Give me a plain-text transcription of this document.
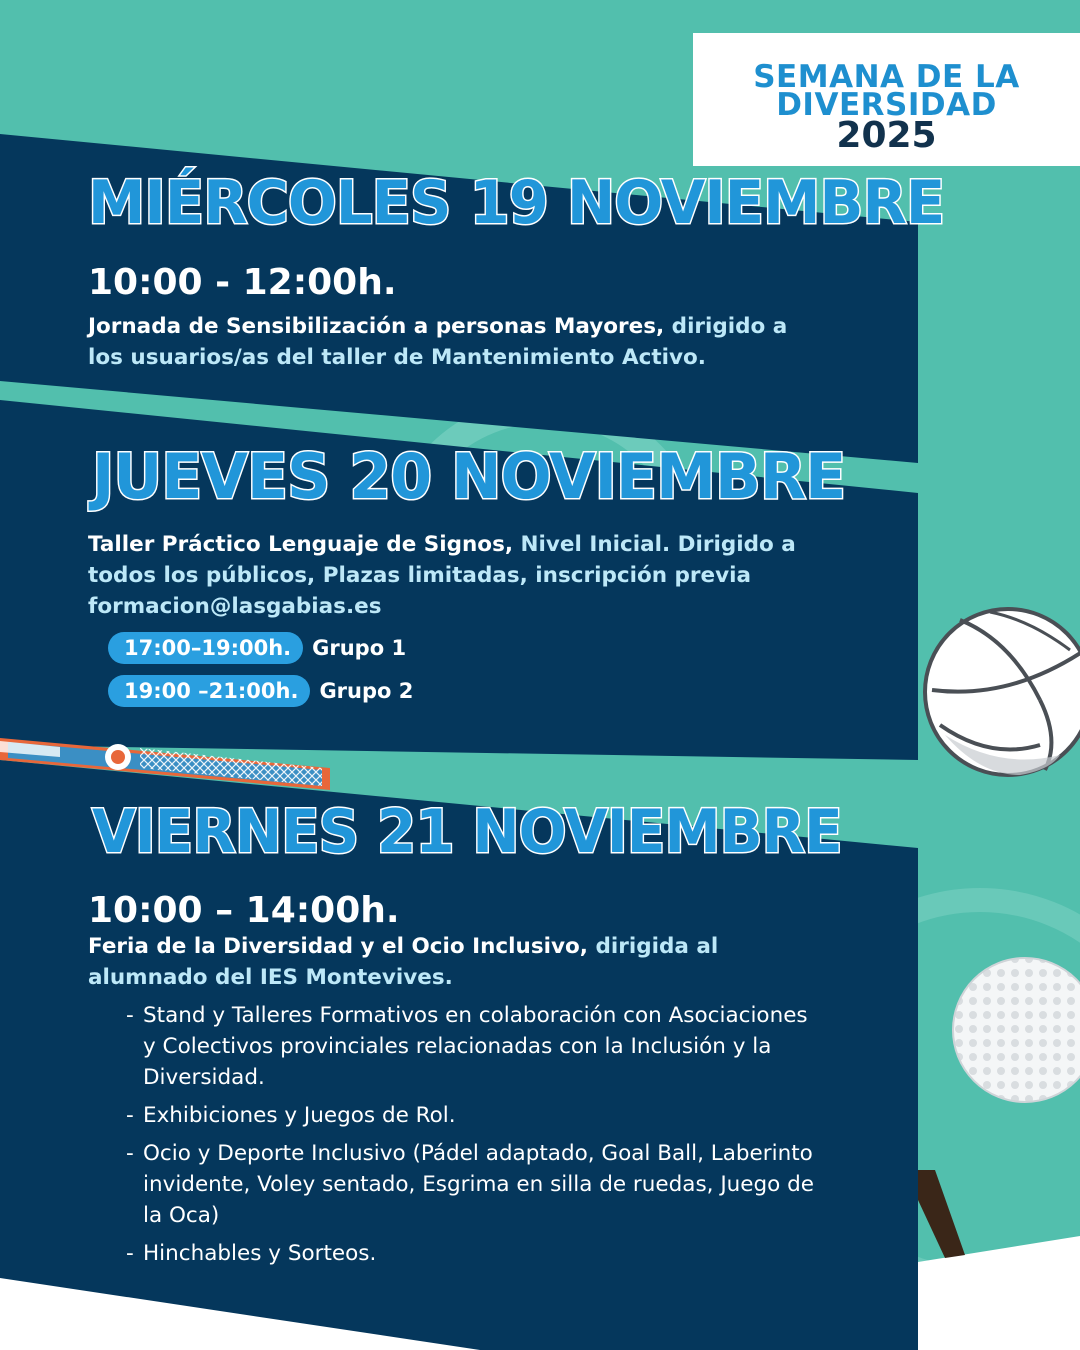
SEMANA DE LA
DIVERSIDAD
2025
MIÉRCOLES 19 NOVIEMBRE

10:00 - 12:00h.

Jornada de Sensibilización a personas Mayores, dirigido a los usuarios/as del taller de Mantenimiento Activo.

JUEVES 20 NOVIEMBRE

Taller Práctico Lenguaje de Signos, Nivel Inicial. Dirigido a todos los públicos, Plazas limitadas, inscripción previa formacion@lasgabias.es

17:00–19:00h.	Grupo 1
19:00 –21:00h.	Grupo 2
VIERNES 21 NOVIEMBRE

10:00 – 14:00h.

Feria de la Diversidad y el Ocio Inclusivo, dirigida al alumnado del IES Montevives.

- Stand y Talleres Formativos en colaboración con Asociaciones y Colectivos provinciales relacionadas con la Inclusión y la Diversidad.
- Exhibiciones y Juegos de Rol.
- Ocio y Deporte Inclusivo (Pádel adaptado, Goal Ball, Laberinto invidente, Voley sentado, Esgrima en silla de ruedas, Juego de la Oca)
- Hinchables y Sorteos.
